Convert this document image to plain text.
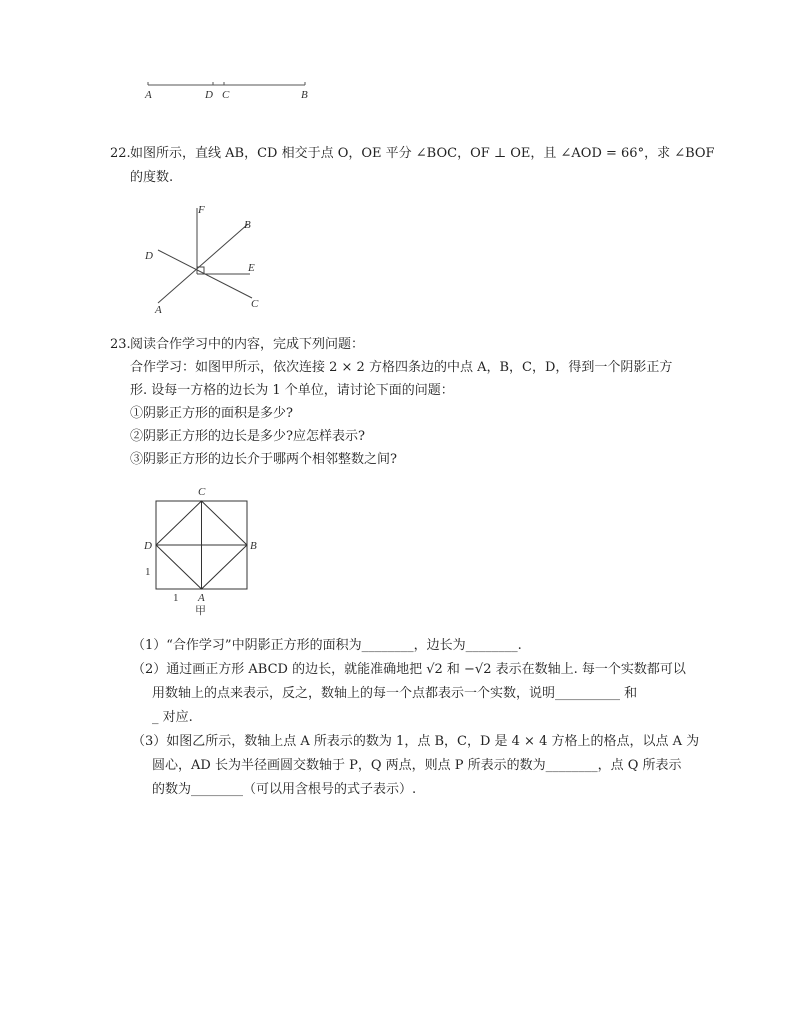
A	D C	B
22. 如图所示，直线 AB，CD 相交于点 O，OE 平分 ∠BOC，OF ⊥ OE，且 ∠AOD = 66°，求 ∠BOF
的度数.
F
B
D
E
A	C
23. 阅读合作学习中的内容，完成下列问题：
合作学习：如图甲所示，依次连接 2 × 2 方格四条边的中点 A，B，C，D，得到一个阴影正方
形. 设每一方格的边长为 1 个单位，请讨论下面的问题：
①阴影正方形的面积是多少?
②阴影正方形的边长是多少?应怎样表示?
③阴影正方形的边长介于哪两个相邻整数之间?
C
D	B
A
1
1
甲
（1）“合作学习”中阴影正方形的面积为________，边长为________.
（2）通过画正方形 ABCD 的边长，就能准确地把 √2 和 −√2 表示在数轴上. 每一个实数都可以
用数轴上的点来表示，反之，数轴上的每一个点都表示一个实数，说明__________ 和
_ 对应.
（3）如图乙所示，数轴上点 A 所表示的数为 1，点 B，C，D 是 4 × 4 方格上的格点，以点 A 为
圆心，AD 长为半径画圆交数轴于 P，Q 两点，则点 P 所表示的数为________，点 Q 所表示
的数为________（可以用含根号的式子表示）.
